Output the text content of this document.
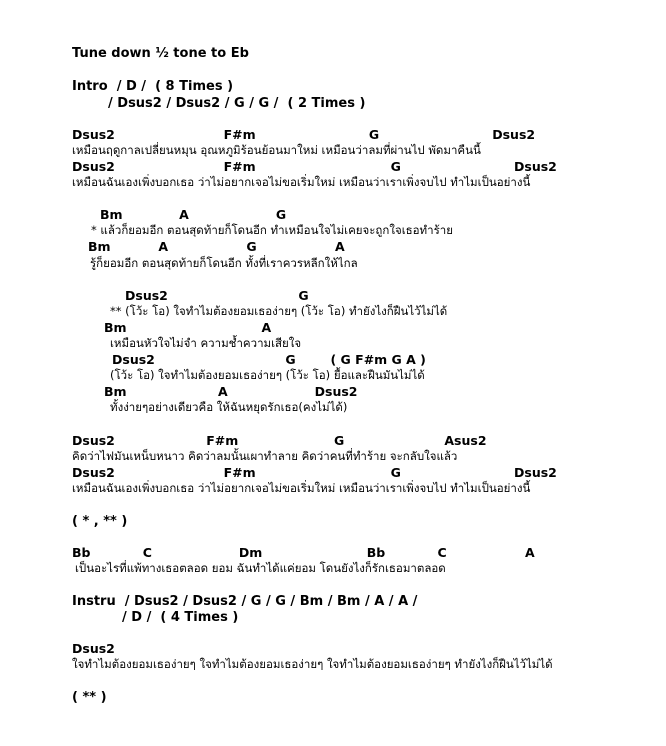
Tune down ½ tone to Eb
Intro  / D /  ( 8 Times )
/ Dsus2 / Dsus2 / G / G /  ( 2 Times )
Dsus2                         F#m                          G                          Dsus2
เหมือนฤดูกาลเปลี่ยนหมุน อุณหภูมิร้อนย้อนมาใหม่ เหมือนว่าลมที่ผ่านไป พัดมาคืนนี้
Dsus2                         F#m                               G                          Dsus2
เหมือนฉันเองเพิ่งบอกเธอ ว่าไม่อยากเจอไม่ขอเริ่มใหม่ เหมือนว่าเราเพิ่งจบไป ทำไมเป็นอย่างนี้
Bm             A                    G
* แล้วก็ยอมอีก ตอนสุดท้ายก็โดนอีก ทำเหมือนใจไม่เคยจะถูกใจเธอทำร้าย
Bm           A                  G                  A
รู้ก็ยอมอีก ตอนสุดท้ายก็โดนอีก ทั้งที่เราควรหลีกให้ไกล
Dsus2                              G
** (โว้ะ โอ) ใจทำไมต้องยอมเธอง่ายๆ (โว้ะ โอ) ทำยังไงก็ฝืนไว้ไม่ได้
Bm                               A
เหมือนหัวใจไม่จำ ความช้ำความเสียใจ
Dsus2                              G        ( G F#m G A )
(โว้ะ โอ) ใจทำไมต้องยอมเธอง่ายๆ (โว้ะ โอ) ยื้อและฝืนมันไม่ได้
Bm                     A                    Dsus2
ทั้งง่ายๆอย่างเดียวคือ ให้ฉันหยุดรักเธอ(คงไม่ได้)
Dsus2                     F#m                      G                       Asus2
คิดว่าไฟมันเหน็บหนาว คิดว่าลมนั้นเผาทำลาย คิดว่าคนที่ทำร้าย จะกลับใจแล้ว
Dsus2                         F#m                               G                          Dsus2
เหมือนฉันเองเพิ่งบอกเธอ ว่าไม่อยากเจอไม่ขอเริ่มใหม่ เหมือนว่าเราเพิ่งจบไป ทำไมเป็นอย่างนี้
( * , ** )
Bb            C                    Dm                        Bb            C                  A
เป็นอะไรที่แพ้ทางเธอตลอด ยอม ฉันทำได้แค่ยอม โดนยังไงก็รักเธอมาตลอด
Instru  / Dsus2 / Dsus2 / G / G / Bm / Bm / A / A /
/ D /  ( 4 Times )
Dsus2
ใจทำไมต้องยอมเธอง่ายๆ ใจทำไมต้องยอมเธอง่ายๆ ใจทำไมต้องยอมเธอง่ายๆ ทำยังไงก็ฝืนไว้ไม่ได้
( ** )
